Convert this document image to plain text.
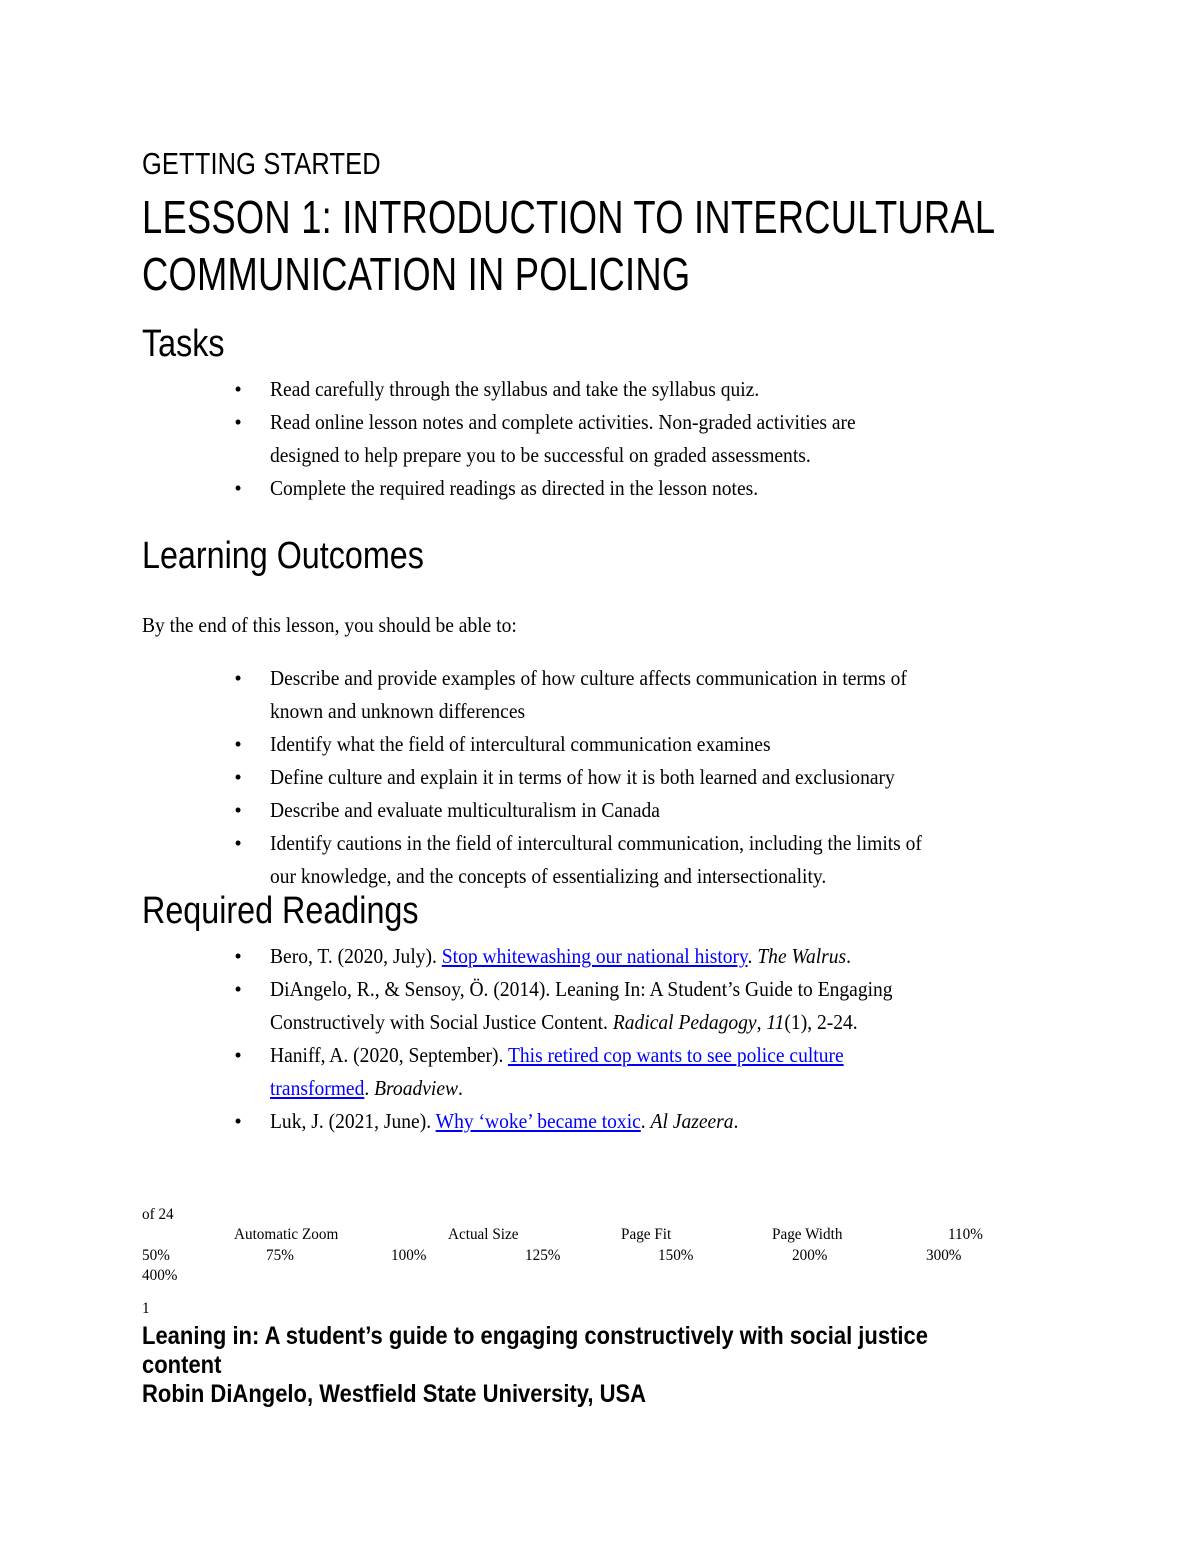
GETTING STARTED
LESSON 1: INTRODUCTION TO INTERCULTURAL
COMMUNICATION IN POLICING
Tasks
• Read carefully through the syllabus and take the syllabus quiz.
• Read online lesson notes and complete activities. Non-graded activities are
designed to help prepare you to be successful on graded assessments.
• Complete the required readings as directed in the lesson notes.
Learning Outcomes
By the end of this lesson, you should be able to:
• Describe and provide examples of how culture affects communication in terms of
known and unknown differences
• Identify what the field of intercultural communication examines
• Define culture and explain it in terms of how it is both learned and exclusionary
• Describe and evaluate multiculturalism in Canada
• Identify cautions in the field of intercultural communication, including the limits of
our knowledge, and the concepts of essentializing and intersectionality.
Required Readings
• Bero, T. (2020, July). Stop whitewashing our national history. The Walrus.
• DiAngelo, R., & Sensoy, Ö. (2014). Leaning In: A Student’s Guide to Engaging
Constructively with Social Justice Content. Radical Pedagogy, 11(1), 2-24.
• Haniff, A. (2020, September). This retired cop wants to see police culture
transformed. Broadview.
• Luk, J. (2021, June). Why ‘woke’ became toxic. Al Jazeera.
of 24
Automatic Zoom	Actual Size	Page Fit	Page Width	110%
50%	75%	100%	125%	150%	200%	300%
400%
1
Leaning in: A student’s guide to engaging constructively with social justice content
Robin DiAngelo, Westfield State University, USA
